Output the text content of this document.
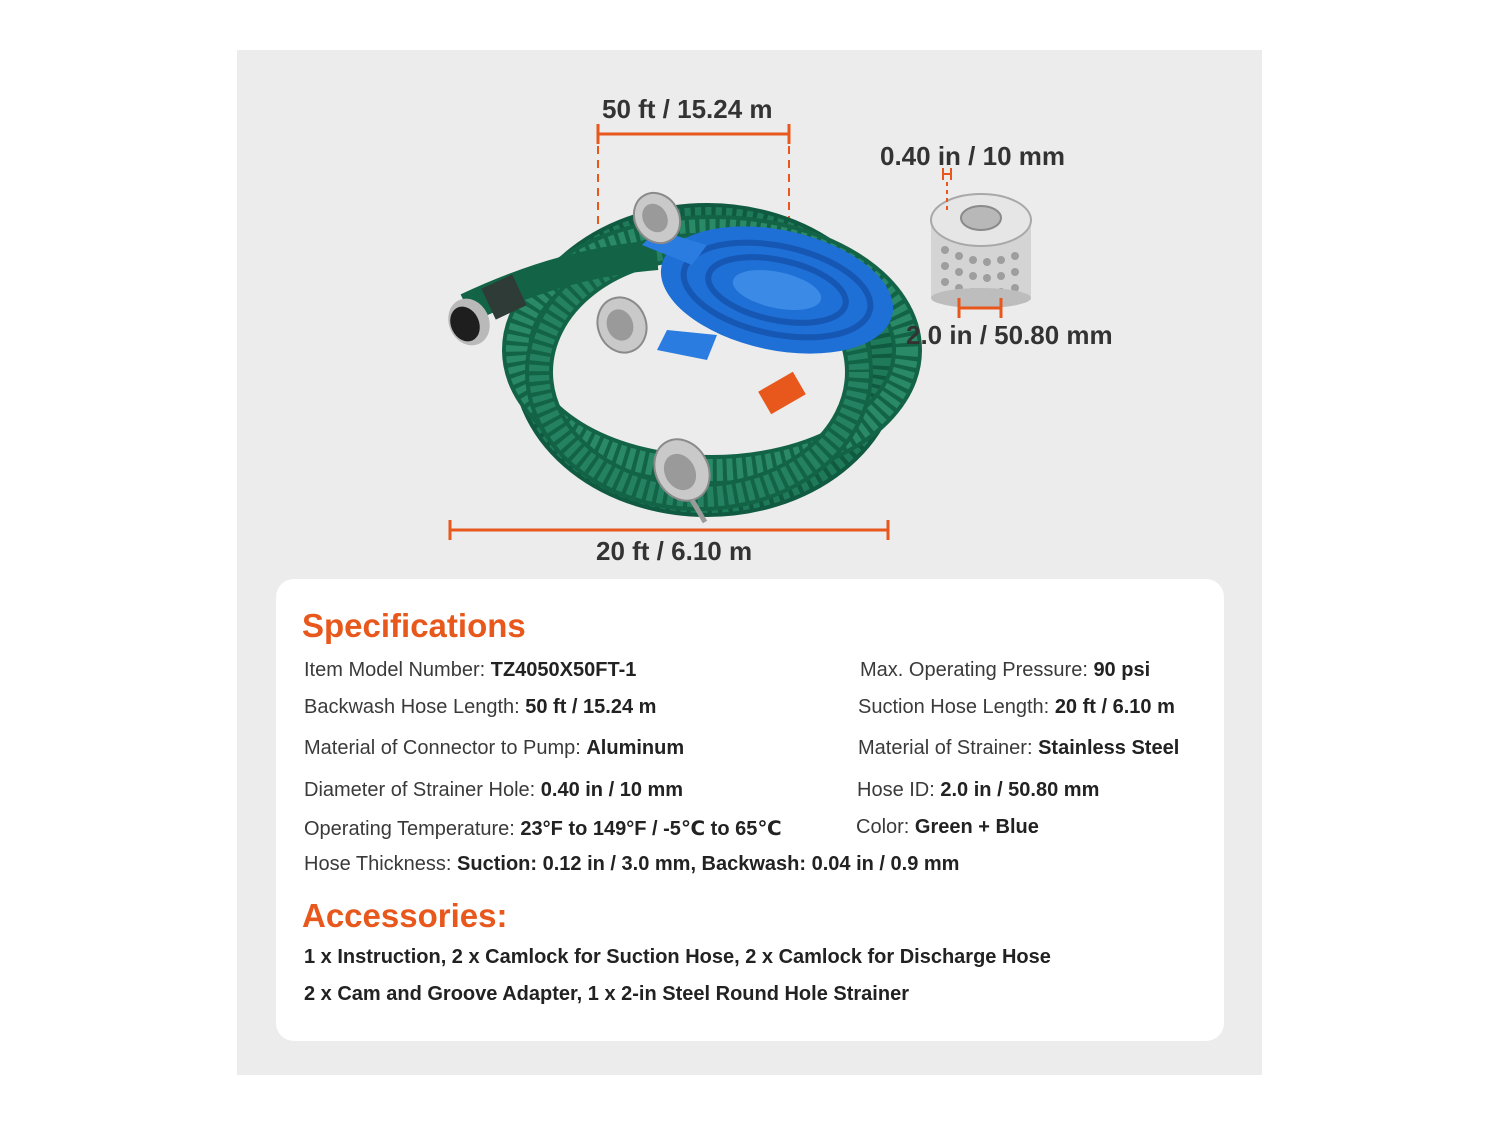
50 ft / 15.24 m
0.40 in / 10 mm
2.0 in / 50.80 mm
20 ft / 6.10 m
Specifications
Item Model Number: TZ4050X50FT-1	Max. Operating Pressure: 90 psi
Backwash Hose Length: 50 ft / 15.24 m	Suction Hose Length: 20 ft / 6.10 m
Material of Connector to Pump: Aluminum	Material of Strainer: Stainless Steel
Diameter of Strainer Hole: 0.40 in / 10 mm	Hose ID: 2.0 in / 50.80 mm
Operating Temperature: 23°F to 149°F / -5℃ to 65℃	Color: Green + Blue
Hose Thickness: Suction: 0.12 in / 3.0 mm, Backwash: 0.04 in / 0.9 mm
Accessories:
1 x Instruction, 2 x Camlock for Suction Hose, 2 x Camlock for Discharge Hose
2 x Cam and Groove Adapter, 1 x 2-in Steel Round Hole Strainer
